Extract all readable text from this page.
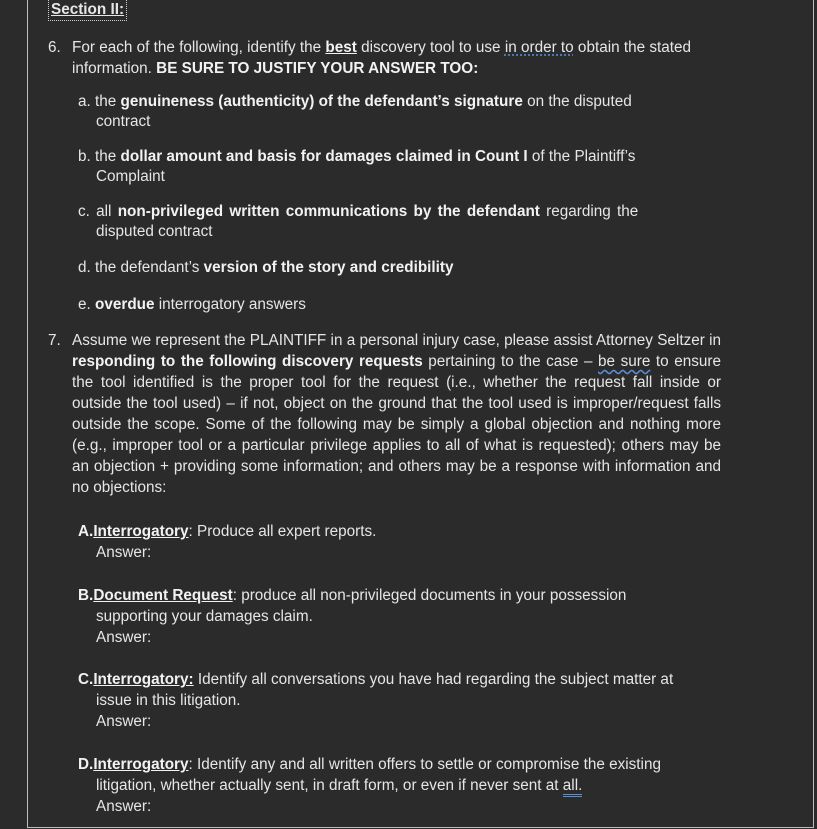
Section II:
6. For each of the following, identify the best discovery tool to use in order to obtain the stated information. BE SURE TO JUSTIFY YOUR ANSWER TOO:
a. the genuineness (authenticity) of the defendant’s signature on the disputed
contract
b. the dollar amount and basis for damages claimed in Count I of the Plaintiff’s
Complaint
c. all non-privileged written communications by the defendant regarding the
disputed contract
d. the defendant’s version of the story and credibility
e. overdue interrogatory answers
7. Assume we represent the PLAINTIFF in a personal injury case, please assist Attorney Seltzer in responding to the following discovery requests pertaining to the case – be sure to ensure the tool identified is the proper tool for the request (i.e., whether the request fall inside or outside the tool used) – if not, object on the ground that the tool used is improper/request falls outside the scope. Some of the following may be simply a global objection and nothing more (e.g., improper tool or a particular privilege applies to all of what is requested); others may be an objection + providing some information; and others may be a response with information and no objections:
A.Interrogatory: Produce all expert reports.
Answer:
B.Document Request: produce all non-privileged documents in your possession
supporting your damages claim.
Answer:
C.Interrogatory: Identify all conversations you have had regarding the subject matter at
issue in this litigation.
Answer:
D.Interrogatory: Identify any and all written offers to settle or compromise the existing
litigation, whether actually sent, in draft form, or even if never sent at all.
Answer:
